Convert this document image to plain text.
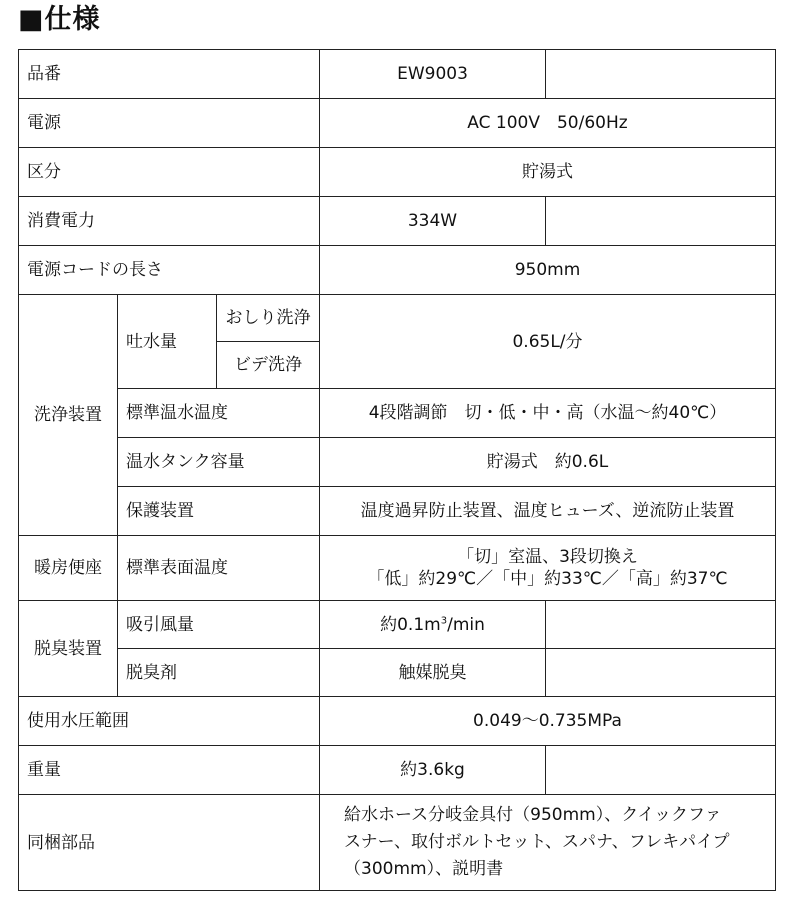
■仕様
品番			EW9003	
電源			AC 100V　50/60Hz	
区分			貯湯式	
消費電力			334W	
電源コードの長さ			950mm	
洗浄装置	吐水量	おしり洗浄	0.65L/分	
		ビデ洗浄		
	標準温水温度		4段階調節　切・低・中・高（水温～約40℃）	
	温水タンク容量		貯湯式　約0.6L	
	保護装置		温度過昇防止装置、温度ヒューズ、逆流防止装置	
暖房便座	標準表面温度		「切」室温、3段切換え
「低」約29℃／「中」約33℃／「高」約37℃	

脱臭装置	吸引風量		約$0.1m^3/\min$	
	脱臭剤		触媒脱臭	
使用水圧範囲			0.049～0.735MPa	
重量			約3.6kg	
同梱部品			給水ホース分岐金具付（950mm）、クイックファ
スナー、取付ボルトセット、スパナ、フレキパイプ
（300mm）、説明書	
